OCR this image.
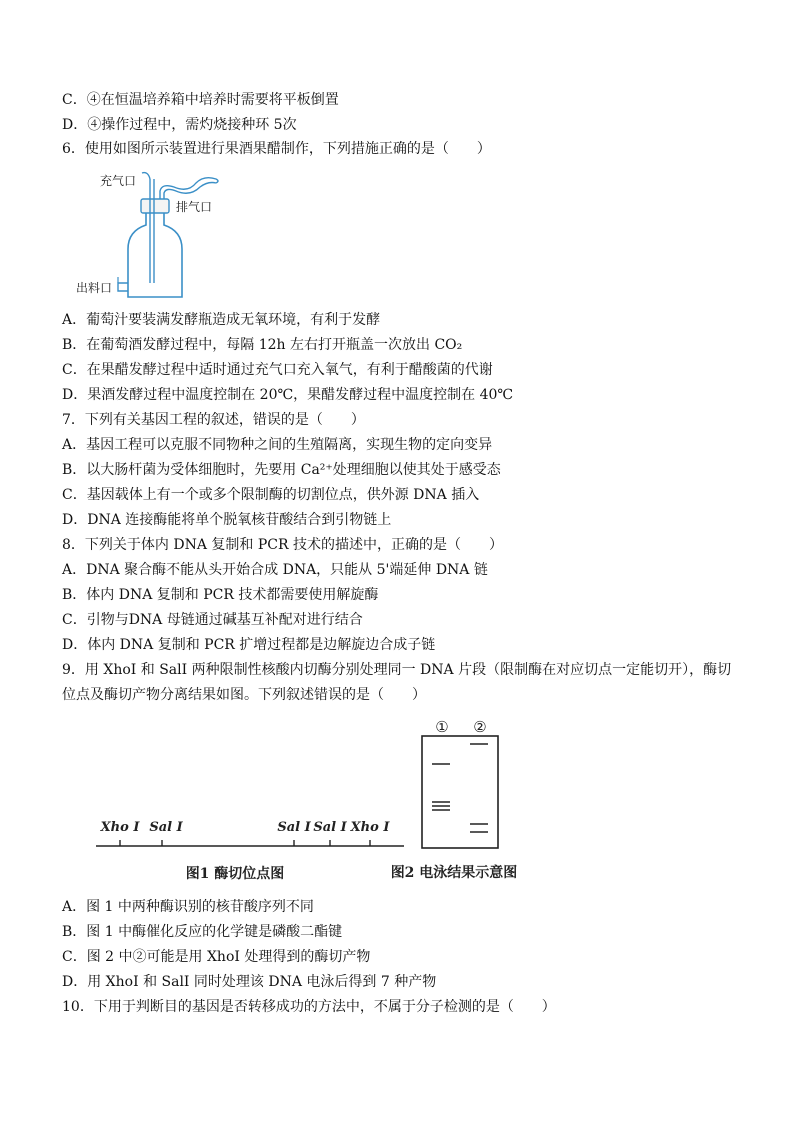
C．④在恒温培养箱中培养时需要将平板倒置
D．④操作过程中，需灼烧接种环 5次
6．使用如图所示装置进行果酒果醋制作，下列措施正确的是（　　）
充气口
排气口
出料口
A．葡萄汁要装满发酵瓶造成无氧环境，有利于发酵
B．在葡萄酒发酵过程中，每隔 12h 左右打开瓶盖一次放出 CO₂
C．在果醋发酵过程中适时通过充气口充入氧气，有利于醋酸菌的代谢
D．果酒发酵过程中温度控制在 20℃，果醋发酵过程中温度控制在 40℃
7．下列有关基因工程的叙述，错误的是（　　）
A．基因工程可以克服不同物种之间的生殖隔离，实现生物的定向变异
B．以大肠杆菌为受体细胞时，先要用 Ca²⁺处理细胞以使其处于感受态
C．基因载体上有一个或多个限制酶的切割位点，供外源 DNA 插入
D．DNA 连接酶能将单个脱氧核苷酸结合到引物链上
8．下列关于体内 DNA 复制和 PCR 技术的描述中，正确的是（　　）
A．DNA 聚合酶不能从头开始合成 DNA，只能从 5'端延伸 DNA 链
B．体内 DNA 复制和 PCR 技术都需要使用解旋酶
C．引物与DNA 母链通过碱基互补配对进行结合
D．体内 DNA 复制和 PCR 扩增过程都是边解旋边合成子链
9．用 XhoI 和 SalI 两种限制性核酸内切酶分别处理同一 DNA 片段（限制酶在对应切点一定能切开），酶切
位点及酶切产物分离结果如图。下列叙述错误的是（　　）
Xho I Sal I	Sal I Sal I Xho I
图1 酶切位点图
① ②
图2 电泳结果示意图
A．图 1 中两种酶识别的核苷酸序列不同
B．图 1 中酶催化反应的化学键是磷酸二酯键
C．图 2 中②可能是用 XhoI 处理得到的酶切产物
D．用 XhoI 和 SalI 同时处理该 DNA 电泳后得到 7 种产物
10．下用于判断目的基因是否转移成功的方法中，不属于分子检测的是（　　）
